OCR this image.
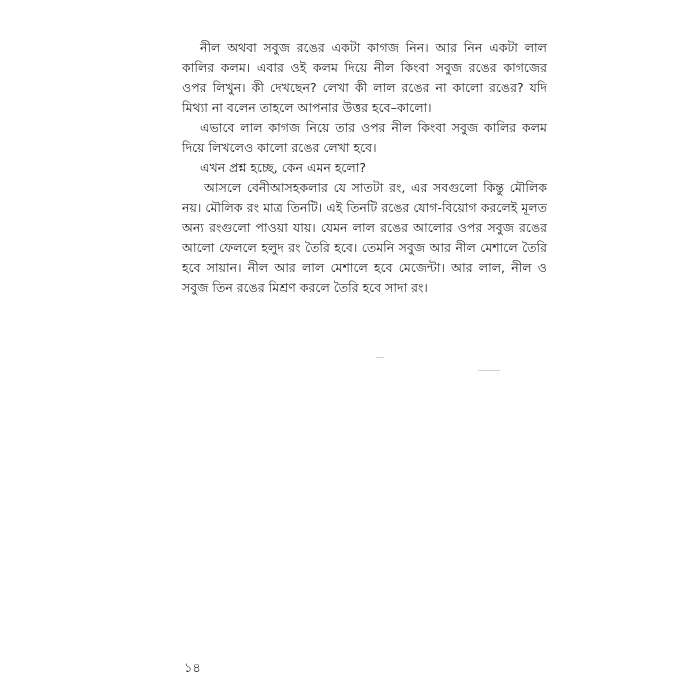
নীল অথবা সবুজ রঙের একটা কাগজ নিন। আর নিন একটা লাল কালির কলম। এবার ওই কলম দিয়ে নীল কিংবা সবুজ রঙের কাগজের ওপর লিখুন। কী দেখছেন? লেখা কী লাল রঙের না কালো রঙের? যদি মিথ্যা না বলেন তাহলে আপনার উত্তর হবে–কালো।

এভাবে লাল কাগজ নিয়ে তার ওপর নীল কিংবা সবুজ কালির কলম দিয়ে লিখলেও কালো রঙের লেখা হবে।

এখন প্রশ্ন হচ্ছে, কেন এমন হলো?

আসলে বেনীআসহকলার যে সাতটা রং, এর সবগুলো কিন্তু মৌলিক নয়। মৌলিক রং মাত্র তিনটি। এই তিনটি রঙের যোগ-বিয়োগ করলেই মূলত অন্য রংগুলো পাওয়া যায়। যেমন লাল রঙের আলোর ওপর সবুজ রঙের আলো ফেললে হলুদ রং তৈরি হবে। তেমনি সবুজ আর নীল মেশালে তৈরি হবে সায়ান। নীল আর লাল মেশালে হবে মেজেন্টা। আর লাল, নীল ও সবুজ তিন রঙের মিশ্রণ করলে তৈরি হবে সাদা রং।

১৪
